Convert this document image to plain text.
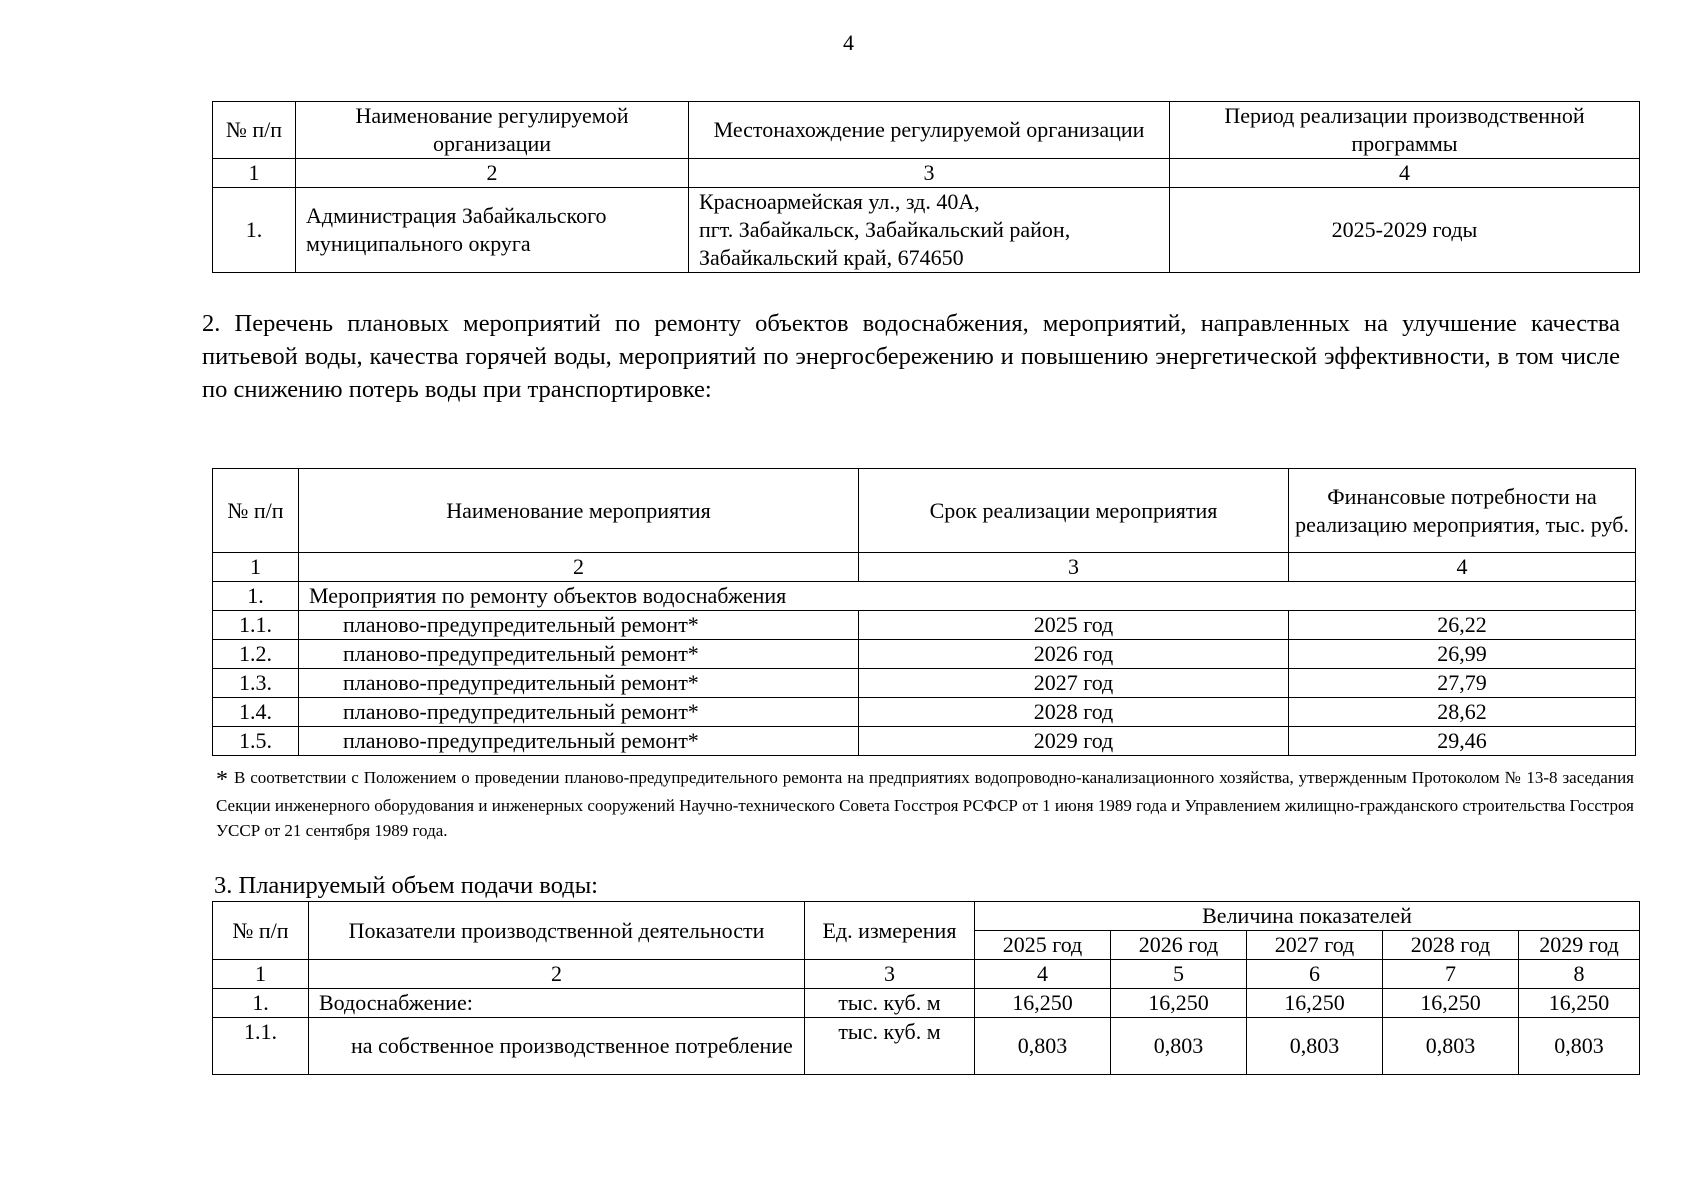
4
№ п/п	Наименование регулируемой организации	Местонахождение регулируемой организации	Период реализации производственной программы
1	2	3	4
1.	Администрация Забайкальского муниципального округа	Красноармейская ул., зд. 40А,
пгт. Забайкальск, Забайкальский район,
Забайкальский край, 674650	2025-2029 годы
2. Перечень плановых мероприятий по ремонту объектов водоснабжения, мероприятий, направленных на улучшение качества питьевой воды, качества горячей воды, мероприятий по энергосбережению и повышению энергетической эффективности, в том числе по снижению потерь воды при транспортировке:
№ п/п	Наименование мероприятия	Срок реализации мероприятия	Финансовые потребности на реализацию мероприятия, тыс. руб.
1	2	3	4
1.	Мероприятия по ремонту объектов водоснабжения		
1.1.	планово-предупредительный ремонт*	2025 год	26,22
1.2.	планово-предупредительный ремонт*	2026 год	26,99
1.3.	планово-предупредительный ремонт*	2027 год	27,79
1.4.	планово-предупредительный ремонт*	2028 год	28,62
1.5.	планово-предупредительный ремонт*	2029 год	29,46
* В соответствии с Положением о проведении планово-предупредительного ремонта на предприятиях водопроводно-канализационного хозяйства, утвержденным Протоколом № 13-8 заседания Секции инженерного оборудования и инженерных сооружений Научно-технического Совета Госстроя РСФСР от 1 июня 1989 года и Управлением жилищно-гражданского строительства Госстроя УССР от 21 сентября 1989 года.
3. Планируемый объем подачи воды:
№ п/п	Показатели производственной деятельности	Ед. измерения	Величина показателей				
			2025 год	2026 год	2027 год	2028 год	2029 год
1	2	3	4	5	6	7	8
1.	Водоснабжение:	тыс. куб. м	16,250	16,250	16,250	16,250	16,250
1.1.	на собственное производственное потребление	тыс. куб. м	0,803	0,803	0,803	0,803	0,803
